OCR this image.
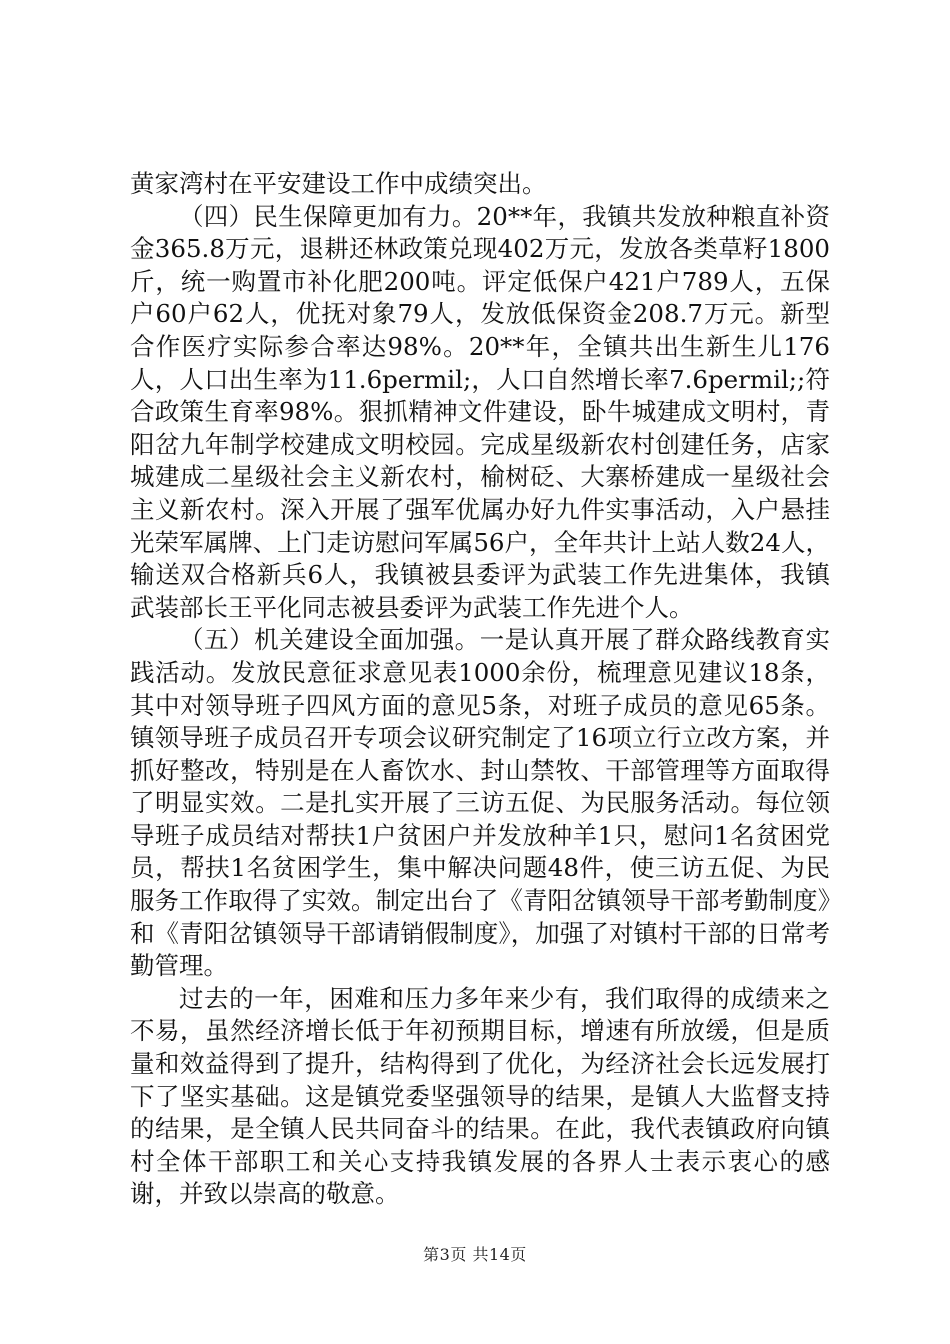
黄家湾村在平安建设工作中成绩突出。

（四）民生保障更加有力。20**年，我镇共发放种粮直补资金365.8万元，退耕还林政策兑现402万元，发放各类草籽1800斤，统一购置市补化肥200吨。评定低保户421户789人，五保户60户62人，优抚对象79人，发放低保资金208.7万元。新型合作医疗实际参合率达98%。20**年，全镇共出生新生儿176人，人口出生率为11.6permil;，人口自然增长率7.6permil;;符合政策生育率98%。狠抓精神文件建设，卧牛城建成文明村，青阳岔九年制学校建成文明校园。完成星级新农村创建任务，店家城建成二星级社会主义新农村，榆树砭、大寨桥建成一星级社会主义新农村。深入开展了强军优属办好九件实事活动，入户悬挂光荣军属牌、上门走访慰问军属56户，全年共计上站人数24人，输送双合格新兵6人，我镇被县委评为武装工作先进集体，我镇武装部长王平化同志被县委评为武装工作先进个人。

（五）机关建设全面加强。一是认真开展了群众路线教育实践活动。发放民意征求意见表1000余份，梳理意见建议18条，其中对领导班子四风方面的意见5条，对班子成员的意见65条。镇领导班子成员召开专项会议研究制定了16项立行立改方案，并抓好整改，特别是在人畜饮水、封山禁牧、干部管理等方面取得了明显实效。二是扎实开展了三访五促、为民服务活动。每位领导班子成员结对帮扶1户贫困户并发放种羊1只，慰问1名贫困党员，帮扶1名贫困学生，集中解决问题48件，使三访五促、为民服务工作取得了实效。制定出台了《青阳岔镇领导干部考勤制度》和《青阳岔镇领导干部请销假制度》，加强了对镇村干部的日常考勤管理。

过去的一年，困难和压力多年来少有，我们取得的成绩来之不易，虽然经济增长低于年初预期目标，增速有所放缓，但是质量和效益得到了提升，结构得到了优化，为经济社会长远发展打下了坚实基础。这是镇党委坚强领导的结果，是镇人大监督支持的结果，是全镇人民共同奋斗的结果。在此，我代表镇政府向镇村全体干部职工和关心支持我镇发展的各界人士表示衷心的感谢，并致以崇高的敬意。

第3页 共14页
